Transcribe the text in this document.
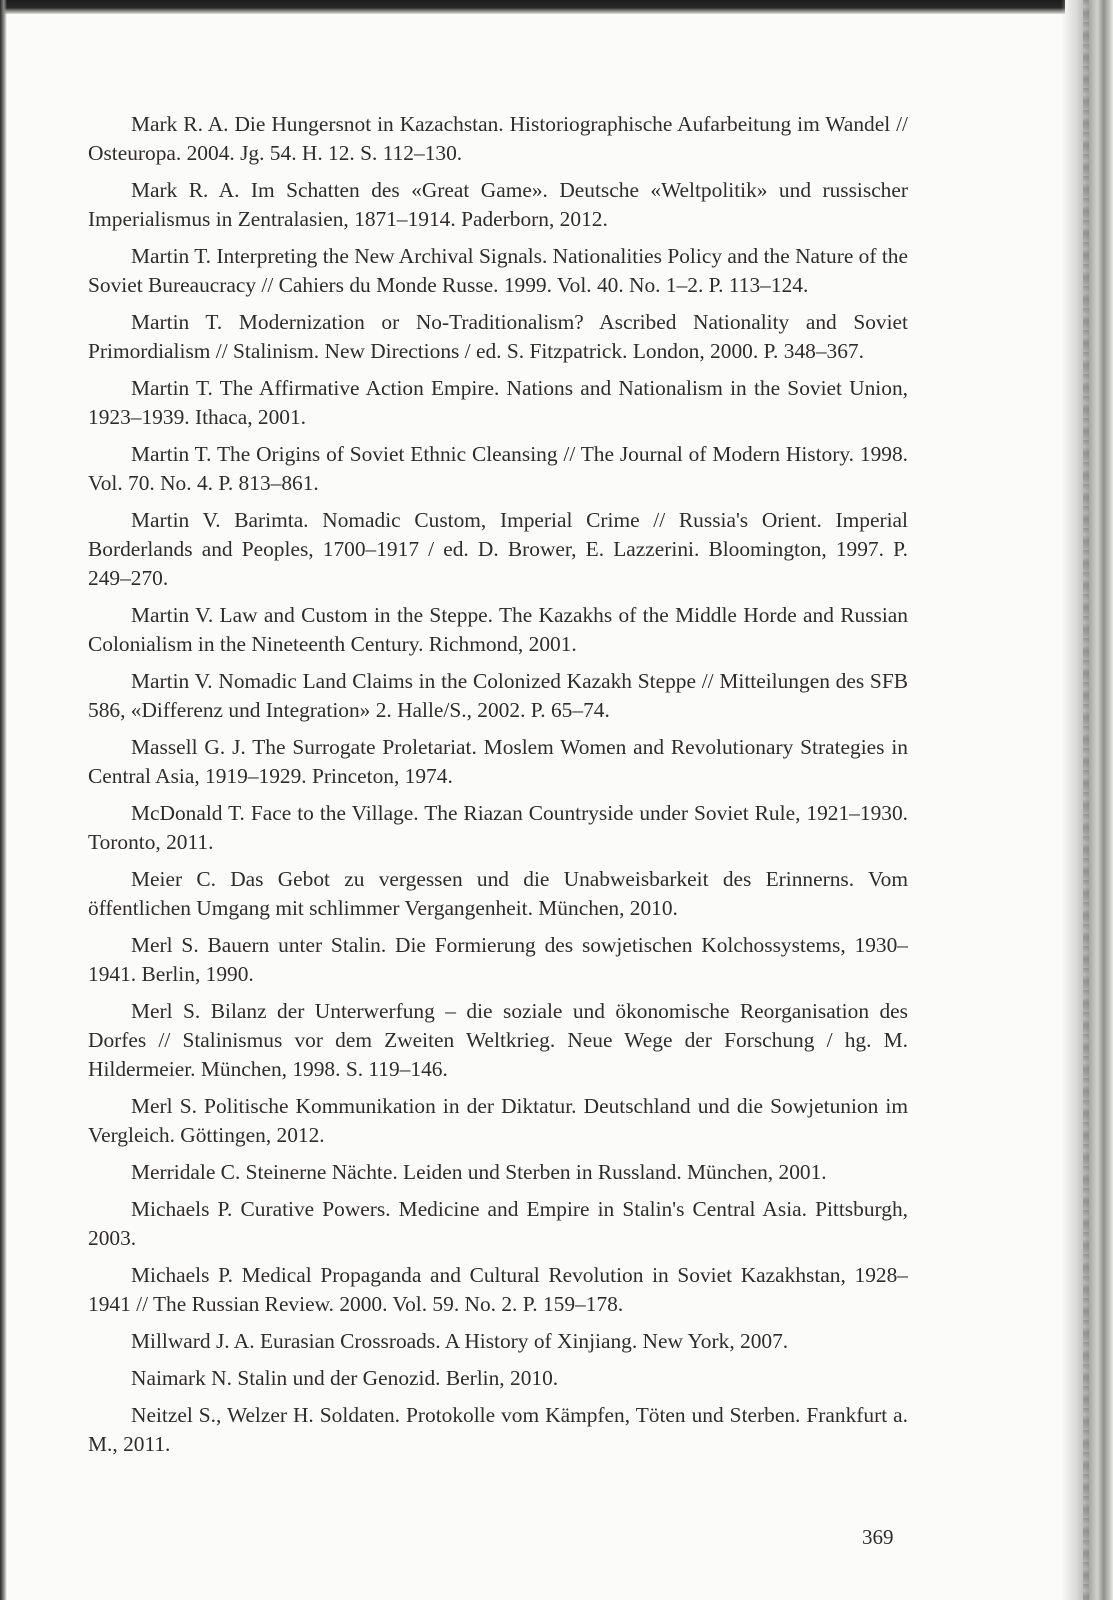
Mark R. A. Die Hungersnot in Kazachstan. Historiographische Aufarbeitung im Wandel // Osteuropa. 2004. Jg. 54. H. 12. S. 112–130.

Mark R. A. Im Schatten des «Great Game». Deutsche «Weltpolitik» und russischer Imperialismus in Zentralasien, 1871–1914. Paderborn, 2012.

Martin T. Interpreting the New Archival Signals. Nationalities Policy and the Nature of the Soviet Bureaucracy // Cahiers du Monde Russe. 1999. Vol. 40. No. 1–2. P. 113–124.

Martin T. Modernization or No-Traditionalism? Ascribed Nationality and Soviet Primordialism // Stalinism. New Directions / ed. S. Fitzpatrick. London, 2000. P. 348–367.

Martin T. The Affirmative Action Empire. Nations and Nationalism in the Soviet Union, 1923–1939. Ithaca, 2001.

Martin T. The Origins of Soviet Ethnic Cleansing // The Journal of Modern History. 1998. Vol. 70. No. 4. P. 813–861.

Martin V. Barimta. Nomadic Custom, Imperial Crime // Russia's Orient. Imperial Borderlands and Peoples, 1700–1917 / ed. D. Brower, E. Lazzerini. Bloomington, 1997. P. 249–270.

Martin V. Law and Custom in the Steppe. The Kazakhs of the Middle Horde and Russian Colonialism in the Nineteenth Century. Richmond, 2001.

Martin V. Nomadic Land Claims in the Colonized Kazakh Steppe // Mitteilungen des SFB 586, «Differenz und Integration» 2. Halle/S., 2002. P. 65–74.

Massell G. J. The Surrogate Proletariat. Moslem Women and Revolutionary Strategies in Central Asia, 1919–1929. Princeton, 1974.

McDonald T. Face to the Village. The Riazan Countryside under Soviet Rule, 1921–1930. Toronto, 2011.

Meier C. Das Gebot zu vergessen und die Unabweisbarkeit des Erinnerns. Vom öffentlichen Umgang mit schlimmer Vergangenheit. München, 2010.

Merl S. Bauern unter Stalin. Die Formierung des sowjetischen Kolchossystems, 1930–1941. Berlin, 1990.

Merl S. Bilanz der Unterwerfung – die soziale und ökonomische Reorganisation des Dorfes // Stalinismus vor dem Zweiten Weltkrieg. Neue Wege der Forschung / hg. M. Hildermeier. München, 1998. S. 119–146.

Merl S. Politische Kommunikation in der Diktatur. Deutschland und die Sowjetunion im Vergleich. Göttingen, 2012.

Merridale C. Steinerne Nächte. Leiden und Sterben in Russland. München, 2001.

Michaels P. Curative Powers. Medicine and Empire in Stalin's Central Asia. Pittsburgh, 2003.

Michaels P. Medical Propaganda and Cultural Revolution in Soviet Kazakhstan, 1928–1941 // The Russian Review. 2000. Vol. 59. No. 2. P. 159–178.

Millward J. A. Eurasian Crossroads. A History of Xinjiang. New York, 2007.

Naimark N. Stalin und der Genozid. Berlin, 2010.

Neitzel S., Welzer H. Soldaten. Protokolle vom Kämpfen, Töten und Sterben. Frankfurt a. M., 2011.

369
